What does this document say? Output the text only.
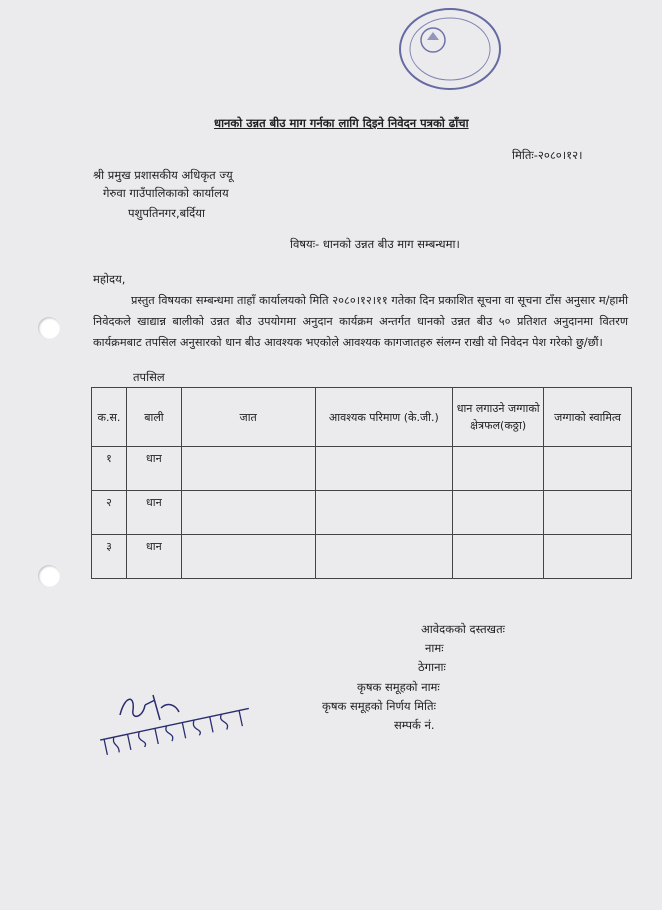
धानको उन्नत बीउ माग गर्नका लागि दिइने निवेदन पत्रको ढाँचा
मितिः-२०८०।१२।
श्री प्रमुख प्रशासकीय अधिकृत ज्यू
गेरुवा गाउँपालिकाको कार्यालय
पशुपतिनगर,बर्दिया
विषयः- धानको उन्नत बीउ माग सम्बन्धमा।
महोदय,
प्रस्तुत विषयका सम्बन्धमा ताहाँ कार्यालयको मिति २०८०।१२।११ गतेका दिन प्रकाशित सूचना वा सूचना टाँस अनुसार म/हामी निवेदकले खाद्यान्न बालीको उन्नत बीउ उपयोगमा अनुदान कार्यक्रम अन्तर्गत धानको उन्नत बीउ ५० प्रतिशत अनुदानमा वितरण कार्यक्रमबाट तपसिल अनुसारको धान बीउ आवश्यक भएकोले आवश्यक कागजातहरु संलग्न राखी यो निवेदन पेश गरेको छु/छौं।
तपसिल
क.स.	बाली	जात	आवश्यक परिमाण (के.जी.)	धान लगाउने जग्गाको क्षेत्रफल(कठ्ठा)	जग्गाको स्वामित्व
१	धान				
२	धान				
३	धान				
आवेदकको दस्तखतः
नामः
ठेगानाः
कृषक समूहको नामः
कृषक समूहको निर्णय मितिः
सम्पर्क नं.
